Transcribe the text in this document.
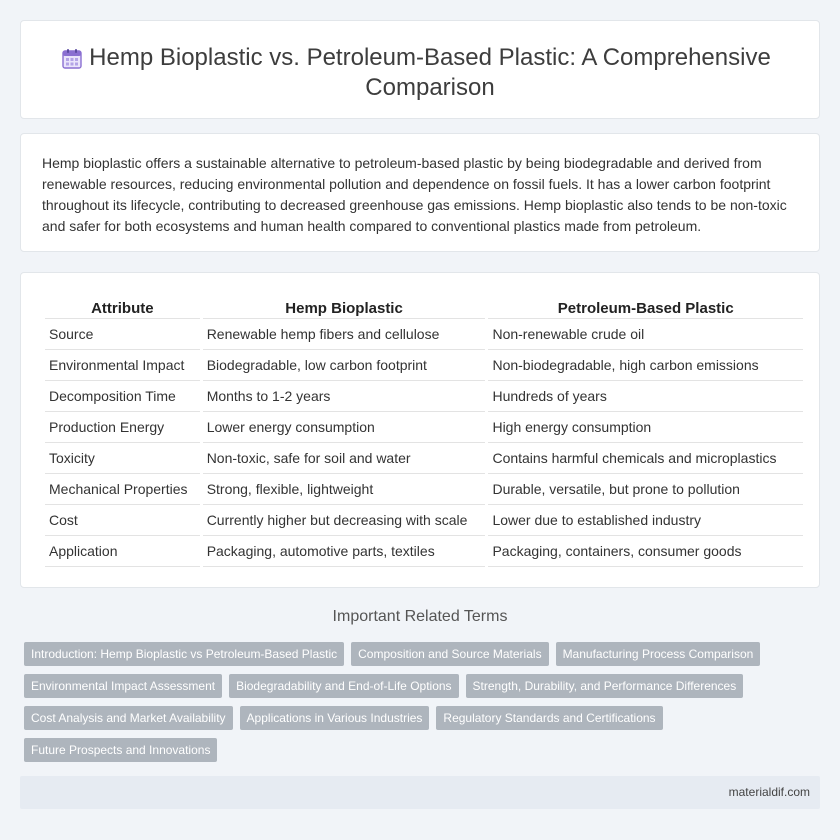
Hemp Bioplastic vs. Petroleum-Based Plastic: A Comprehensive Comparison

Hemp bioplastic offers a sustainable alternative to petroleum-based plastic by being biodegradable and derived from renewable resources, reducing environmental pollution and dependence on fossil fuels. It has a lower carbon footprint throughout its lifecycle, contributing to decreased greenhouse gas emissions. Hemp bioplastic also tends to be non-toxic and safer for both ecosystems and human health compared to conventional plastics made from petroleum.

Attribute	Hemp Bioplastic	Petroleum-Based Plastic
Source	Renewable hemp fibers and cellulose	Non-renewable crude oil
Environmental Impact	Biodegradable, low carbon footprint	Non-biodegradable, high carbon emissions
Decomposition Time	Months to 1-2 years	Hundreds of years
Production Energy	Lower energy consumption	High energy consumption
Toxicity	Non-toxic, safe for soil and water	Contains harmful chemicals and microplastics
Mechanical Properties	Strong, flexible, lightweight	Durable, versatile, but prone to pollution
Cost	Currently higher but decreasing with scale	Lower due to established industry
Application	Packaging, automotive parts, textiles	Packaging, containers, consumer goods
Important Related Terms
Introduction: Hemp Bioplastic vs Petroleum-Based Plastic	Composition and Source Materials	Manufacturing Process Comparison
Environmental Impact Assessment	Biodegradability and End-of-Life Options	Strength, Durability, and Performance Differences
Cost Analysis and Market Availability	Applications in Various Industries	Regulatory Standards and Certifications
Future Prospects and Innovations
materialdif.com
